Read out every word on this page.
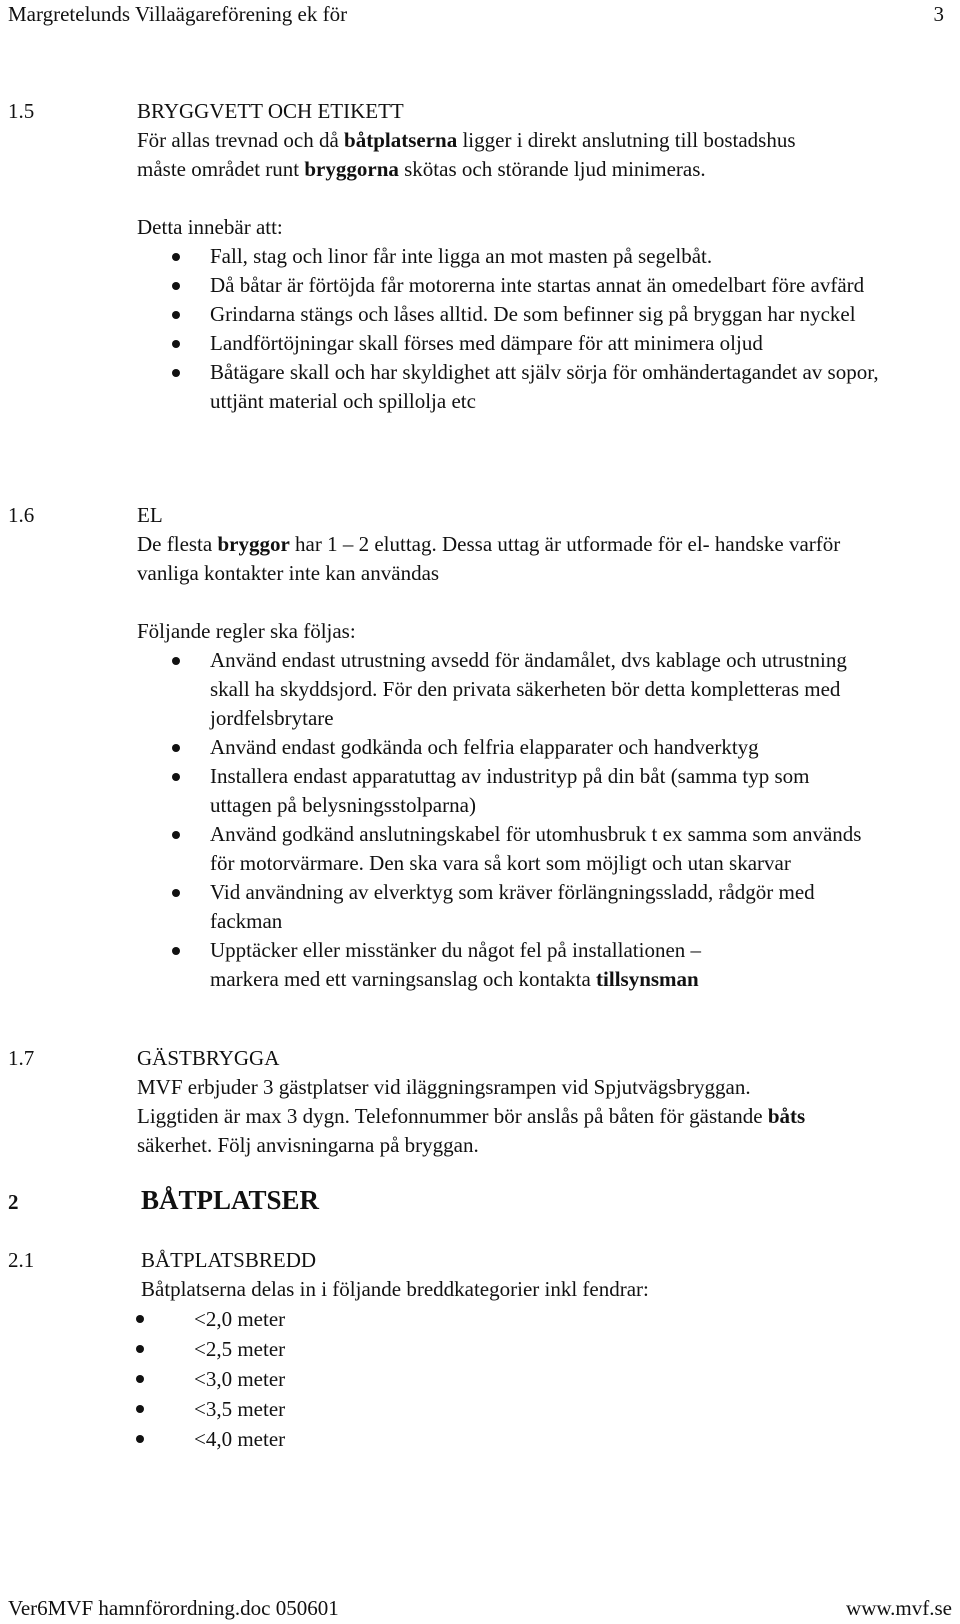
Margretelunds Villaägareförening ek för	3
1.5	BRYGGVETT OCH ETIKETT
För allas trevnad och då båtplatserna ligger i direkt anslutning till bostadshus
måste området runt bryggorna skötas och störande ljud minimeras.
Detta innebär att:
Fall, stag och linor får inte ligga an mot masten på segelbåt.
Då båtar är förtöjda får motorerna inte startas annat än omedelbart före avfärd
Grindarna stängs och låses alltid. De som befinner sig på bryggan har nyckel
Landförtöjningar skall förses med dämpare för att minimera oljud
Båtägare skall och har skyldighet att själv sörja för omhändertagandet av sopor, uttjänt material och spillolja etc
1.6	EL
De flesta bryggor har 1 – 2 eluttag. Dessa uttag är utformade för el- handske varför vanliga kontakter inte kan användas
Följande regler ska följas:
Använd endast utrustning avsedd för ändamålet, dvs kablage och utrustning skall ha skyddsjord. För den privata säkerheten bör detta kompletteras med jordfelsbrytare
Använd endast godkända och felfria elapparater och handverktyg
Installera endast apparatuttag av industrityp på din båt (samma typ som uttagen på belysningsstolparna)
Använd godkänd anslutningskabel för utomhusbruk t ex samma som används för motorvärmare. Den ska vara så kort som möjligt och utan skarvar
Vid användning av elverktyg som kräver förlängningssladd, rådgör med fackman
Upptäcker eller misstänker du något fel på installationen –
markera med ett varningsanslag och kontakta tillsynsman
1.7	GÄSTBRYGGA
MVF erbjuder 3 gästplatser vid iläggningsrampen vid Spjutvägsbryggan.
Liggtiden är max 3 dygn. Telefonnummer bör anslås på båten för gästande båts
säkerhet. Följ anvisningarna på bryggan.
2	BÅTPLATSER
2.1	BÅTPLATSBREDD
Båtplatserna delas in i följande breddkategorier inkl fendrar:
<2,0 meter
<2,5 meter
<3,0 meter
<3,5 meter
<4,0 meter
Ver6MVF hamnförordning.doc 050601	www.mvf.se
